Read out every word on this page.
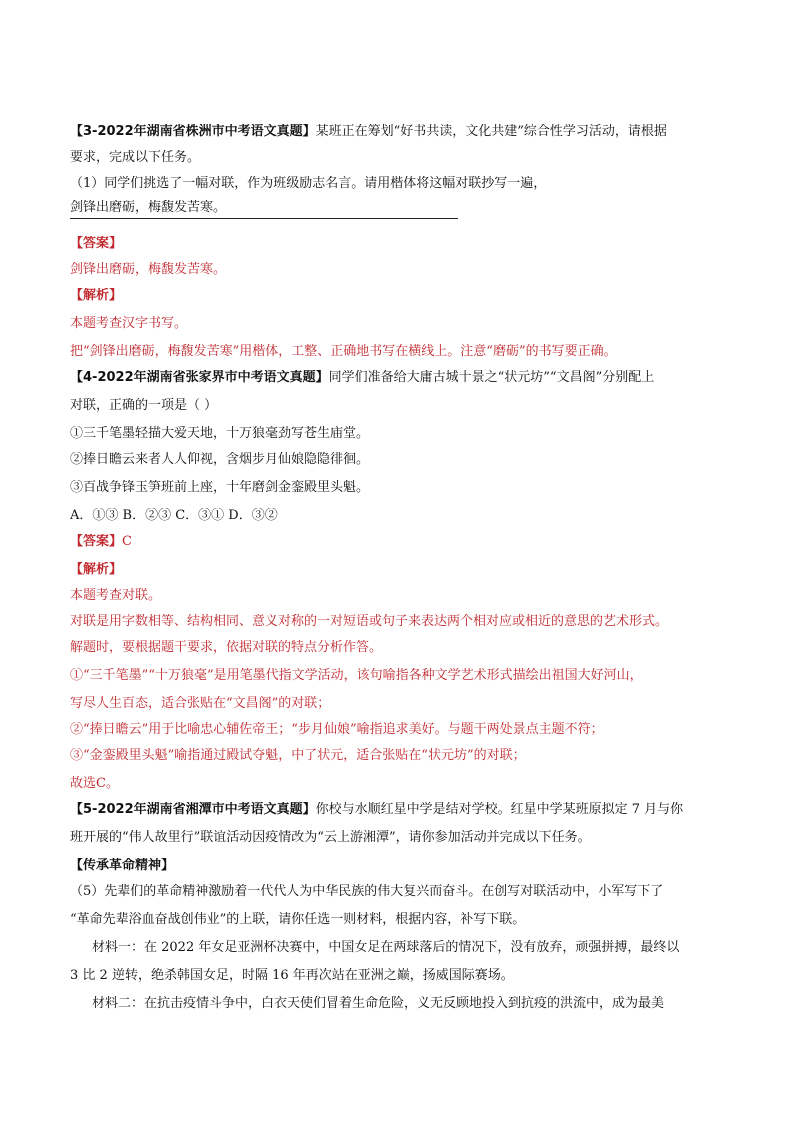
【3-2022年湖南省株洲市中考语文真题】某班正在筹划“好书共读，文化共建”综合性学习活动，请根据
要求，完成以下任务。
（1）同学们挑选了一幅对联，作为班级励志名言。请用楷体将这幅对联抄写一遍，
剑锋出磨砺，梅馥发苦寒。
【答案】
剑锋出磨砺，梅馥发苦寒。
【解析】
本题考查汉字书写。
把“剑锋出磨砺，梅馥发苦寒”用楷体，工整、正确地书写在横线上。注意“磨砺”的书写要正确。
【4-2022年湖南省张家界市中考语文真题】同学们准备给大庸古城十景之“状元坊”“文昌阁”分别配上
对联，正确的一项是（ ）
①三千笔墨轻描大爱天地，十万狼毫劲写苍生庙堂。
②捧日瞻云来者人人仰视，含烟步月仙娘隐隐徘徊。
③百战争锋玉笋班前上座，十年磨剑金銮殿里头魁。
A．①③ B．②③ C．③① D．③②
【答案】C
【解析】
本题考查对联。
对联是用字数相等、结构相同、意义对称的一对短语或句子来表达两个相对应或相近的意思的艺术形式。
解题时，要根据题干要求，依据对联的特点分析作答。
①“三千笔墨”“十万狼毫”是用笔墨代指文学活动，该句喻指各种文学艺术形式描绘出祖国大好河山，
写尽人生百态，适合张贴在“文昌阁”的对联；
②“捧日瞻云”用于比喻忠心辅佐帝王；“步月仙娘”喻指追求美好。与题干两处景点主题不符；
③“金銮殿里头魁”喻指通过殿试夺魁，中了状元，适合张贴在“状元坊”的对联；
故选C。
【5-2022年湖南省湘潭市中考语文真题】你校与水顺红星中学是结对学校。红星中学某班原拟定 7 月与你
班开展的“伟人故里行”联谊活动因疫情改为“云上游湘潭”，请你参加活动并完成以下任务。
【传承革命精神】
（5）先辈们的革命精神激励着一代代人为中华民族的伟大复兴而奋斗。在创写对联活动中，小军写下了
“革命先辈浴血奋战创伟业”的上联，请你任选一则材料，根据内容，补写下联。
材料一：在 2022 年女足亚洲杯决赛中，中国女足在两球落后的情况下，没有放弃，顽强拼搏，最终以
3 比 2 逆转，绝杀韩国女足，时隔 16 年再次站在亚洲之巅，扬威国际赛场。
材料二：在抗击疫情斗争中，白衣天使们冒着生命危险，义无反顾地投入到抗疫的洪流中，成为最美
